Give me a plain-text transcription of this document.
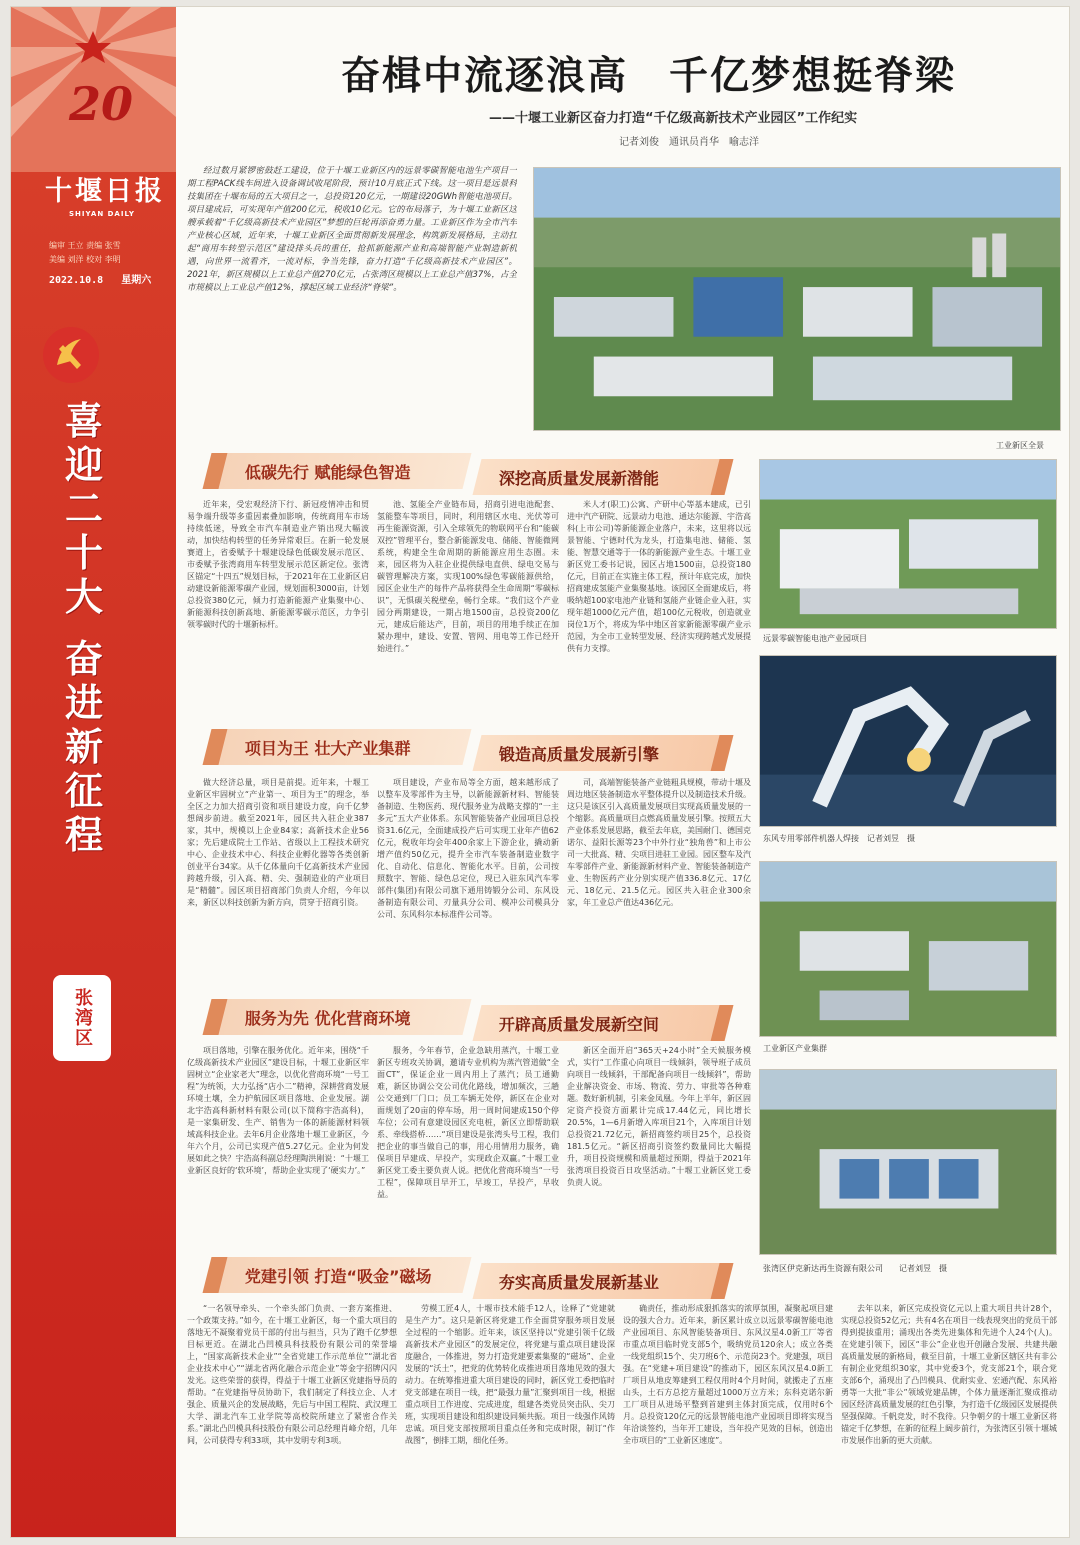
20
十堰日报
SHIYAN DAILY
编审 王立 责编 张雪
美编 刘洋 校对 李明
2022.10.8 星期六
喜
迎
二
十
大
奋
进
新
征
程
张湾区
奋楫中流逐浪高　千亿梦想挺脊梁
——十堰工业新区奋力打造“千亿级高新技术产业园区”工作纪实
记者刘俊　通讯员肖华　喻志洋

经过数月紧锣密鼓赶工建设，位于十堰工业新区内的远景零碳智能电池生产项目一期工程PACK线车间进入设备调试收尾阶段，预计10月底正式下线。这一项目是远景科技集团在十堰布局的五大项目之一，总投资120亿元，一期建设20GWh智能电池项目。项目建成后，可实现年产值200亿元，税收10亿元。它的布局落子，为十堰工业新区这艘承载着“千亿级高新技术产业园区”梦想的巨轮再添奋勇力量。工业新区作为全市汽车产业核心区域，近年来，十堰工业新区全面贯彻新发展理念，构筑新发展格局，主动扛起“商用车转型示范区”建设排头兵的重任，抢抓新能源产业和高端智能产业制造新机遇，向世界一流看齐，一流对标，争当先锋，奋力打造“千亿级高新技术产业园区”。2021年，新区规模以上工业总产值270亿元，占张湾区规模以上工业总产值37%，占全市规模以上工业总产值12%，撑起区域工业经济“脊梁”。

工业新区全景
低碳先行 赋能绿色智造	深挖高质量发展新潜能

近年来，受宏观经济下行、新冠疫情冲击和贸易争端升级等多重因素叠加影响，传统商用车市场持续低迷，导致全市汽车制造业产销出现大幅波动，加快结构转型的任务异常艰巨。在新一轮发展赛道上，省委赋予十堰建设绿色低碳发展示范区、市委赋予张湾商用车转型发展示范区新定位。张湾区锚定“十四五”规划目标，于2021年在工业新区启动建设新能源零碳产业园，规划面积3000亩，计划总投资380亿元，倾力打造新能源产业集聚中心、新能源科技创新高地、新能源零碳示范区，力争引领零碳时代的十堰新标杆。

池、氢能全产业链布局，招商引进电池配套、氢能整车等项目，同时，利用辖区水电、光伏等可再生能源资源，引入全球领先的物联网平台和“能碳双控”管理平台，整合新能源发电、储能、智能微网系统，构建全生命周期的新能源应用生态圈。未来，园区将为入驻企业提供绿电直供、绿电交易与碳管理解决方案，实现100%绿色零碳能源供给，园区企业生产的每件产品将获得全生命周期“零碳标识”，无惧碳关税壁垒，畅行全球。“我们这个产业园分两期建设，一期占地1500亩，总投资200亿元，建成后能达产，目前，项目的用地手续正在加紧办理中，建设、安置、管网、用电等工作已经开始进行。”

米人才(职工)公寓、产研中心等基本建成，已引进中汽产研院、远景动力电池、通达尔能源、宇浩高科(上市公司)等新能源企业落户，未来，这里将以远景智能、宁德时代为龙头，打造集电池、储能、氢能、智慧交通等于一体的新能源产业生态。十堰工业新区党工委书记说，园区占地1500亩，总投资180亿元，目前正在实施主体工程，预计年底完成，加快招商建成氢能产业集聚基地。该园区全面建成后，将吸纳超100家电池产业链和氢能产业链企业入驻，实现年超1000亿元产值，超100亿元税收，创造就业岗位1万个，将成为华中地区首家新能源零碳产业示范园，为全市工业转型发展、经济实现跨越式发展提供有力支撑。

远景零碳智能电池产业园项目
项目为王 壮大产业集群	锻造高质量发展新引擎

做大经济总量，项目是前提。近年来，十堰工业新区牢固树立“产业第一、项目为王”的理念，举全区之力加大招商引资和项目建设力度，向千亿梦想阔步前进。截至2021年，园区共入驻企业387家，其中，规模以上企业84家；高新技术企业56家；先后建成院士工作站、省级以上工程技术研究中心、企业技术中心、科技企业孵化器等各类创新创业平台34家。从千亿体量向千亿高新技术产业园跨越升级，引入高、精、尖、强制造业的产业项目是“精髓”。园区项目招商部门负责人介绍，今年以来，新区以科技创新为新方向，贯穿于招商引资。

项目建设，产业布局等全方面，越来越形成了以整车及零部件为主导，以新能源新材料、智能装备制造、生物医药、现代服务业为战略支撑的“一主多元”五大产业体系。东风智能装备产业园项目总投资31.6亿元，全面建成投产后可实现工业年产值62亿元，税收年均会年400余家上下游企业，撬动新增产值约50亿元，提升全市汽车装备制造业数字化、自动化、信息化、智能化水平。目前，公司按照数字、智能、绿色总定位，现已入驻东风汽车零部件(集团)有限公司旗下通用铸锻分公司、东风设备制造有限公司、刃量具分公司、模冲公司模具分公司、东风科尔本标准件公司等。

司，高端智能装备产业链粗具规模，带动十堰及周边地区装备制造水平整体提升以及制造技术升级。这只是该区引入高质量发展项目实现高质量发展的一个缩影。高质量项目点燃高质量发展引擎。按照五大产业体系发展思路，截至去年底，美国耐门、德国克诺尔、益阳长源等23个中外行业“独角兽”和上市公司一大批高、精、尖项目进驻工业园。园区整车及汽车零部件产业、新能源新材料产业、智能装备制造产业、生物医药产业分别实现产值336.8亿元、17亿元、18亿元、21.5亿元。园区共入驻企业300余家，年工业总产值达436亿元。

东风专用零部件机器人焊接　记者刘昱　摄
工业新区产业集群
服务为先 优化营商环境	开辟高质量发展新空间

项目落地，引擎在服务优化。近年来，围绕“千亿级高新技术产业园区”建设目标，十堰工业新区牢固树立“企业家老大”理念，以优化营商环境“一号工程”为统领，大力弘扬“店小二”精神，深耕营商发展环境土壤，全力护航园区项目落地、企业发展。湖北宇浩高科新材料有限公司(以下简称宇浩高科)，是一家集研发、生产、销售为一体的新能源材料领域高科技企业。去年6月企业落地十堰工业新区，今年六个月，公司已实现产值5.27亿元。企业为何发展如此之快？宇浩高科副总经理陶洪刚说：“十堰工业新区良好的‘软环境’，帮助企业实现了‘硬实力’。”

服务，今年春节，企业急缺用蒸汽，十堰工业新区专班攻关协调，邀请专业机构为蒸汽管道做“全面CT”，保证企业一周内用上了蒸汽；员工通勤难，新区协调公交公司优化路线，增加频次，三趟公交通到厂门口；员工车辆无处停，新区在企业对面规划了20亩的停车场，用一周时间建成150个停车位；公司有意建设园区充电桩，新区立即帮助联系、牵线搭桥……“项目建设是张湾头号工程，我们把企业的事当做自己的事，用心用情用力服务，确保项目早建成、早投产，实现政企双赢。”十堰工业新区党工委主要负责人说。把优化营商环境当“一号工程”，保障项目早开工，早竣工，早投产，早收益。

新区全面开启“365天+24小时”全天候服务模式，实行“工作重心向项目一线倾斜，领导班子成员向项目一线倾斜，干部配备向项目一线倾斜”，帮助企业解决资金、市场、物流、劳力、审批等各种难题。数好新机制，引来金凤凰。今年上半年，新区固定资产投资方面累计完成17.44亿元，同比增长20.5%，1—6月新增入库项目21个，入库项目计划总投资21.72亿元，新招商签约项目25个，总投资181.5亿元。“新区招商引资签约数量同比大幅提升，项目投资规模和质量超过预期，得益于2021年张湾项目投资百日攻坚活动。”十堰工业新区党工委负责人说。

张湾区伊克新达再生资源有限公司　　记者刘昱　摄
党建引领 打造“吸金”磁场	夯实高质量发展新基业

“一名领导牵头、一个牵头部门负责、一套方案推进、一个政策支持。”如今，在十堰工业新区，每一个重大项目的落地无不凝聚着党员干部的付出与担当，只为了跑千亿梦想目标更近。在湖北凸凹模具科技股份有限公司的荣誉墙上，“国家高新技术企业”“全省党建工作示范单位”“湖北省企业技术中心”“湖北省两化融合示范企业”等金字招牌闪闪发光。这些荣誉的获得，得益于十堰工业新区党建指导员的帮助。“在党建指导员协助下，我们制定了科技立企、人才强企、质量兴企的发展战略，先后与中国工程院、武汉理工大学、湖北汽车工业学院等高校院所建立了紧密合作关系。”湖北凸凹模具科技股份有限公司总经理肖峰介绍，几年间，公司获得专利33项，其中发明专利3项。

劳模工匠4人，十堰市技术能手12人，诠释了“党建就是生产力”。这只是新区将党建工作全面贯穿服务项目发展全过程的一个缩影。近年来，该区坚持以“党建引领千亿级高新技术产业园区”的发展定位，将党建与重点项目建设深度融合，一体推进，努力打造党建要素集聚的“磁场”、企业发展的“沃土”，把党的优势转化成推进项目落地见效的强大动力。在统筹推进重大项目建设的同时，新区党工委把临时党支部建在项目一线，把“最强力量”汇聚到项目一线，根据重点项目工作进度、完成进度，组建各类党员突击队、尖刀班，实现项目建设和组织建设同频共振。项目一线强作风铸忠诚。项目党支部按照项目重点任务和完成时限，制订“作战图”，倒排工期，细化任务。

确责任，推动形成狠抓落实的浓厚氛围，凝聚起项目建设的强大合力。近年来，新区累计成立以远景零碳智能电池产业园项目、东风智能装备项目、东风汉星4.0新工厂等省市重点项目临时党支部5个，吸纳党员120余人；成立各类一线党组织15个、尖刀班6个、示范岗23个。党建强，项目强。在“党建+项目建设”的推动下，园区东风汉星4.0新工厂项目从地皮筹建到工程仅用时4个月时间，就搬走了五座山头，土石方总挖方量超过1000万立方米；东科克诺尔新工厂项目从进场平整到首建到主体封顶完成，仅用时6个月。总投资120亿元的远景智能电池产业园项目即将实现当年洽谈签约，当年开工建设，当年投产见效的目标，创造出全市项目的“工业新区速度”。

去年以来，新区完成投资亿元以上重大项目共计28个，实现总投资52亿元；共有4名在项目一线表现突出的党员干部得到提拔重用；涌现出各类先进集体和先进个人24个(人)。在党建引领下，园区“非公”企业也开创融合发展、共建共融高质量发展的新格局，截至目前，十堰工业新区辖区共有非公有制企业党组织30家，其中党委3个，党支部21个，联合党支部6个，涌现出了凸凹模具、优耐实业、宏通汽配、东风裕勇等一大批“非公”领域党建品牌，个体力量逐渐汇聚成推动园区经济高质量发展的红色引擎，为打造千亿级园区发展提供坚强保障。千帆竞发，时不我待。只争朝夕的十堰工业新区将锚定千亿梦想，在新的征程上阔步前行，为张湾区引领十堰城市发展作出新的更大贡献。
